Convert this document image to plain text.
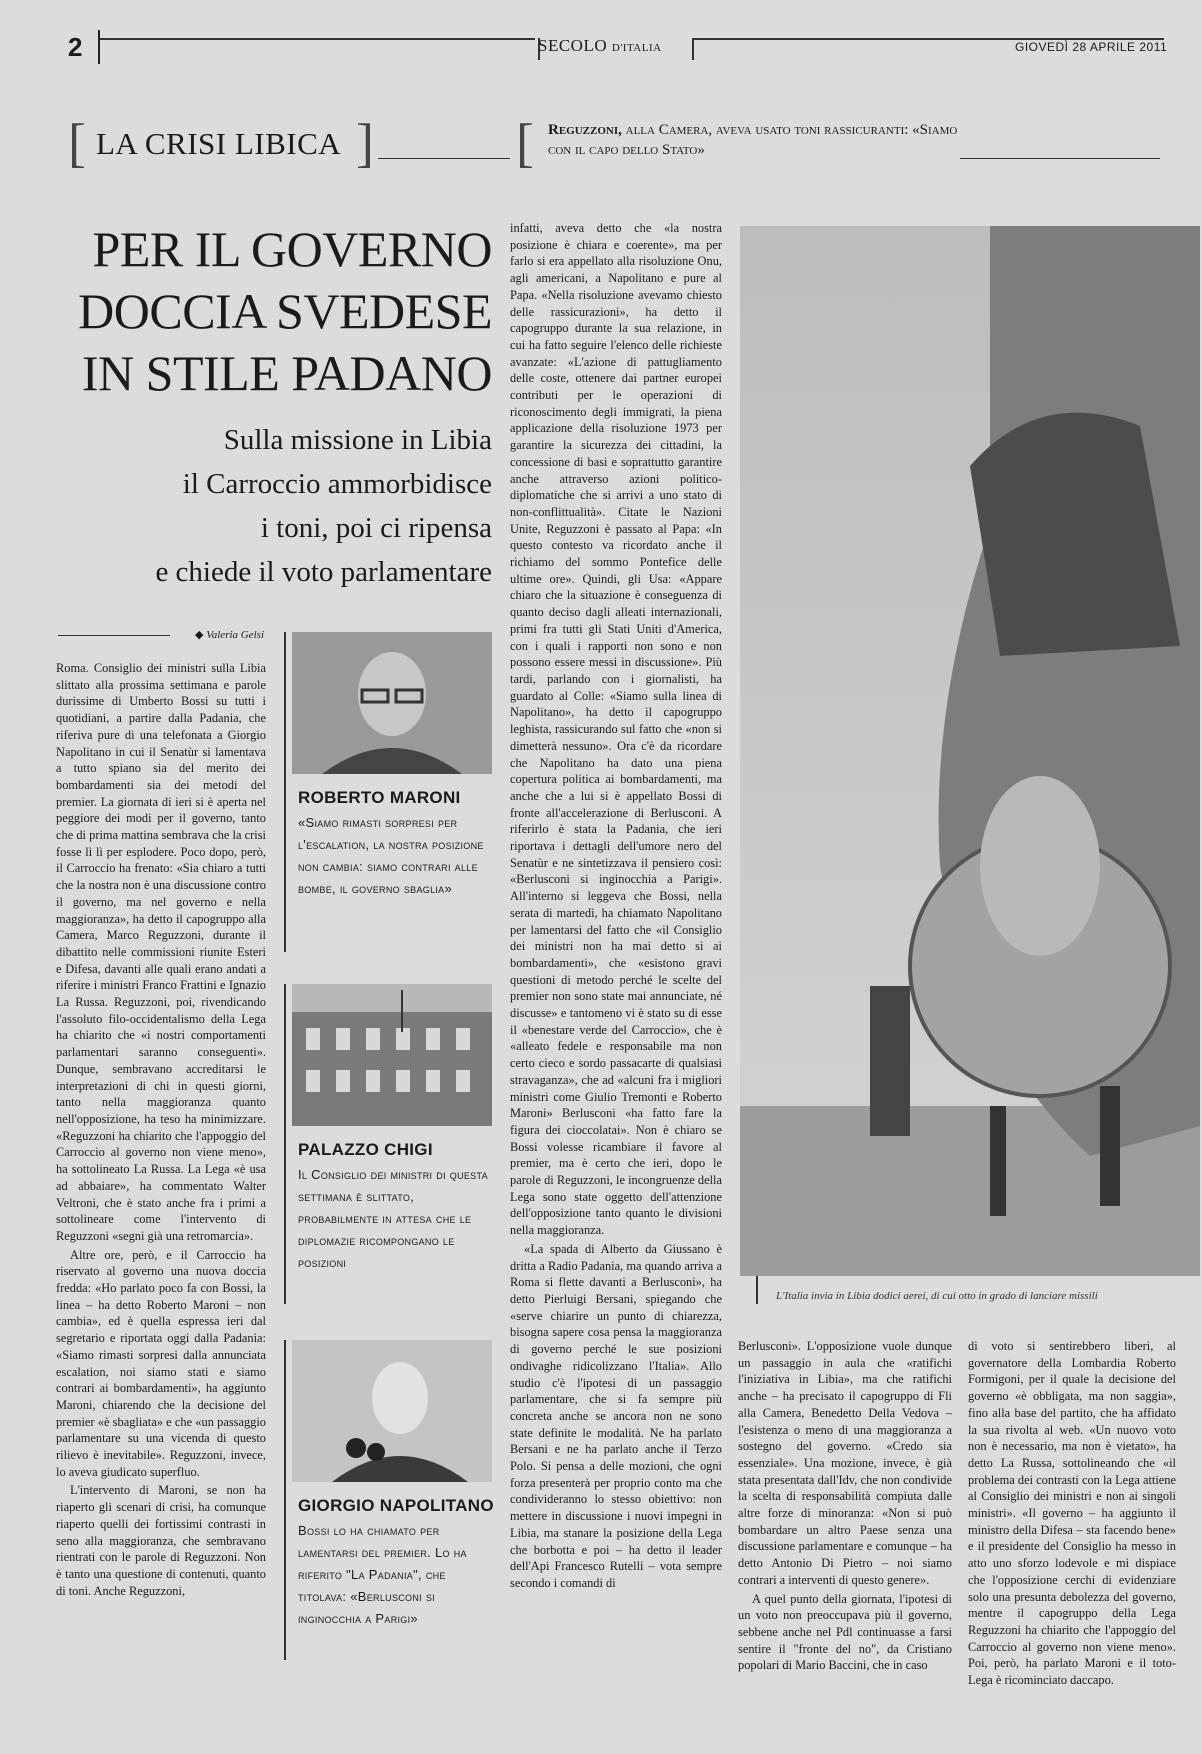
2	SECOLO D'ITALIA	GIOVEDÌ 28 APRILE 2011
[ LA CRISI LIBICA ]	[ Reguzzoni, alla Camera, aveva usato toni rassicuranti: «Siamo con il capo dello Stato»
PER IL GOVERNO
DOCCIA SVEDESE
IN STILE PADANO
Sulla missione in Libia
il Carroccio ammorbidisce
i toni, poi ci ripensa
e chiede il voto parlamentare
◆ Valeria Gelsi

Roma. Consiglio dei ministri sulla Libia slittato alla prossima settimana e parole durissime di Umberto Bossi su tutti i quotidiani, a partire dalla Padania, che riferiva pure di una telefonata a Giorgio Napolitano in cui il Senatùr si lamentava a tutto spiano sia del merito dei bombardamenti sia dei metodi del premier. La giornata di ieri si è aperta nel peggiore dei modi per il governo, tanto che di prima mattina sembrava che la crisi fosse lì lì per esplodere. Poco dopo, però, il Carroccio ha frenato: «Sia chiaro a tutti che la nostra non è una discussione contro il governo, ma nel governo e nella maggioranza», ha detto il capogruppo alla Camera, Marco Reguzzoni, durante il dibattito nelle commissioni riunite Esteri e Difesa, davanti alle quali erano andati a riferire i ministri Franco Frattini e Ignazio La Russa. Reguzzoni, poi, rivendicando l'assoluto filo-occidentalismo della Lega ha chiarito che «i nostri comportamenti parlamentari saranno conseguenti». Dunque, sembravano accreditarsi le interpretazioni di chi in questi giorni, tanto nella maggioranza quanto nell'opposizione, ha teso ha minimizzare. «Reguzzoni ha chiarito che l'appoggio del Carroccio al governo non viene meno», ha sottolineato La Russa. La Lega «è usa ad abbaiare», ha commentato Walter Veltroni, che è stato anche fra i primi a sottolineare come l'intervento di Reguzzoni «segni già una retromarcia».

Altre ore, però, e il Carroccio ha riservato al governo una nuova doccia fredda: «Ho parlato poco fa con Bossi, la linea – ha detto Roberto Maroni – non cambia», ed è quella espressa ieri dal segretario e riportata oggi dalla Padania: «Siamo rimasti sorpresi dalla annunciata escalation, noi siamo stati e siamo contrari ai bombardamenti», ha aggiunto Maroni, chiarendo che la decisione del premier «è sbagliata» e che «un passaggio parlamentare su una vicenda di questo rilievo è inevitabile». Reguzzoni, invece, lo aveva giudicato superfluo.

L'intervento di Maroni, se non ha riaperto gli scenari di crisi, ha comunque riaperto quelli dei fortissimi contrasti in seno alla maggioranza, che sembravano rientrati con le parole di Reguzzoni. Non è tanto una questione di contenuti, quanto di toni. Anche Reguzzoni,

ROBERTO MARONI
«Siamo rimasti sorpresi per l'escalation, la nostra posizione non cambia: siamo contrari alle bombe, il governo sbaglia»
PALAZZO CHIGI
Il Consiglio dei ministri di questa settimana è slittato, probabilmente in attesa che le diplomazie ricompongano le posizioni
GIORGIO NAPOLITANO
Bossi lo ha chiamato per lamentarsi del premier. Lo ha riferito "La Padania", che titolava: «Berlusconi si inginocchia a Parigi»

infatti, aveva detto che «la nostra posizione è chiara e coerente», ma per farlo si era appellato alla risoluzione Onu, agli americani, a Napolitano e pure al Papa. «Nella risoluzione avevamo chiesto delle rassicurazioni», ha detto il capogruppo durante la sua relazione, in cui ha fatto seguire l'elenco delle richieste avanzate: «L'azione di pattugliamento delle coste, ottenere dai partner europei contributi per le operazioni di riconoscimento degli immigrati, la piena applicazione della risoluzione 1973 per garantire la sicurezza dei cittadini, la concessione di basi e soprattutto garantire anche attraverso azioni politico-diplomatiche che si arrivi a uno stato di non-conflittualità». Citate le Nazioni Unite, Reguzzoni è passato al Papa: «In questo contesto va ricordato anche il richiamo del sommo Pontefice delle ultime ore». Quindi, gli Usa: «Appare chiaro che la situazione è conseguenza di quanto deciso dagli alleati internazionali, primi fra tutti gli Stati Uniti d'America, con i quali i rapporti non sono e non possono essere messi in discussione». Più tardi, parlando con i giornalisti, ha guardato al Colle: «Siamo sulla linea di Napolitano», ha detto il capogruppo leghista, rassicurando sul fatto che «non si dimetterà nessuno». Ora c'è da ricordare che Napolitano ha dato una piena copertura politica ai bombardamenti, ma anche che a lui si è appellato Bossi di fronte all'accelerazione di Berlusconi. A riferirlo è stata la Padania, che ieri riportava i dettagli dell'umore nero del Senatùr e ne sintetizzava il pensiero così: «Berlusconi si inginocchia a Parigi». All'interno si leggeva che Bossi, nella serata di martedì, ha chiamato Napolitano per lamentarsi del fatto che «il Consiglio dei ministri non ha mai detto sì ai bombardamenti», che «esistono gravi questioni di metodo perché le scelte del premier non sono state mai annunciate, né discusse» e tantomeno vi è stato su di esse il «benestare verde del Carroccio», che è «alleato fedele e responsabile ma non certo cieco e sordo passacarte di qualsiasi stravaganza», che ad «alcuni fra i migliori ministri come Giulio Tremonti e Roberto Maroni» Berlusconi «ha fatto fare la figura dei cioccolatai». Non è chiaro se Bossi volesse ricambiare il favore al premier, ma è certo che ieri, dopo le parole di Reguzzoni, le incongruenze della Lega sono state oggetto dell'attenzione dell'opposizione tanto quanto le divisioni nella maggioranza.

«La spada di Alberto da Giussano è dritta a Radio Padania, ma quando arriva a Roma si flette davanti a Berlusconi», ha detto Pierluigi Bersani, spiegando che «serve chiarire un punto di chiarezza, bisogna sapere cosa pensa la maggioranza di governo perché le sue posizioni ondivaghe ridicolizzano l'Italia». Allo studio c'è l'ipotesi di un passaggio parlamentare, che si fa sempre più concreta anche se ancora non ne sono state definite le modalità. Ne ha parlato Bersani e ne ha parlato anche il Terzo Polo. Si pensa a delle mozioni, che ogni forza presenterà per proprio conto ma che condivideranno lo stesso obiettivo: non mettere in discussione i nuovi impegni in Libia, ma stanare la posizione della Lega che borbotta e poi – ha detto il leader dell'Api Francesco Rutelli – vota sempre secondo i comandi di

L'Italia invia in Libia dodici aerei, di cui otto in grado di lanciare missili

Berlusconi». L'opposizione vuole dunque un passaggio in aula che «ratifichi l'iniziativa in Libia», ma che ratifichi anche – ha precisato il capogruppo di Fli alla Camera, Benedetto Della Vedova – l'esistenza o meno di una maggioranza a sostegno del governo. «Credo sia essenziale». Una mozione, invece, è già stata presentata dall'Idv, che non condivide la scelta di responsabilità compiuta dalle altre forze di minoranza: «Non si può bombardare un altro Paese senza una discussione parlamentare e comunque – ha detto Antonio Di Pietro – noi siamo contrari a interventi di questo genere».

A quel punto della giornata, l'ipotesi di un voto non preoccupava più il governo, sebbene anche nel Pdl continuasse a farsi sentire il "fronte del no", da Cristiano popolari di Mario Baccini, che in caso

di voto si sentirebbero liberi, al governatore della Lombardia Roberto Formigoni, per il quale la decisione del governo «è obbligata, ma non saggia», fino alla base del partito, che ha affidato la sua rivolta al web. «Un nuovo voto non è necessario, ma non è vietato», ha detto La Russa, sottolineando che «il problema dei contrasti con la Lega attiene al Consiglio dei ministri e non ai singoli ministri». «Il governo – ha aggiunto il ministro della Difesa – sta facendo bene» e il presidente del Consiglio ha messo in atto uno sforzo lodevole e mi dispiace che l'opposizione cerchi di evidenziare solo una presunta debolezza del governo, mentre il capogruppo della Lega Reguzzoni ha chiarito che l'appoggio del Carroccio al governo non viene meno». Poi, però, ha parlato Maroni e il toto-Lega è ricominciato daccapo.
